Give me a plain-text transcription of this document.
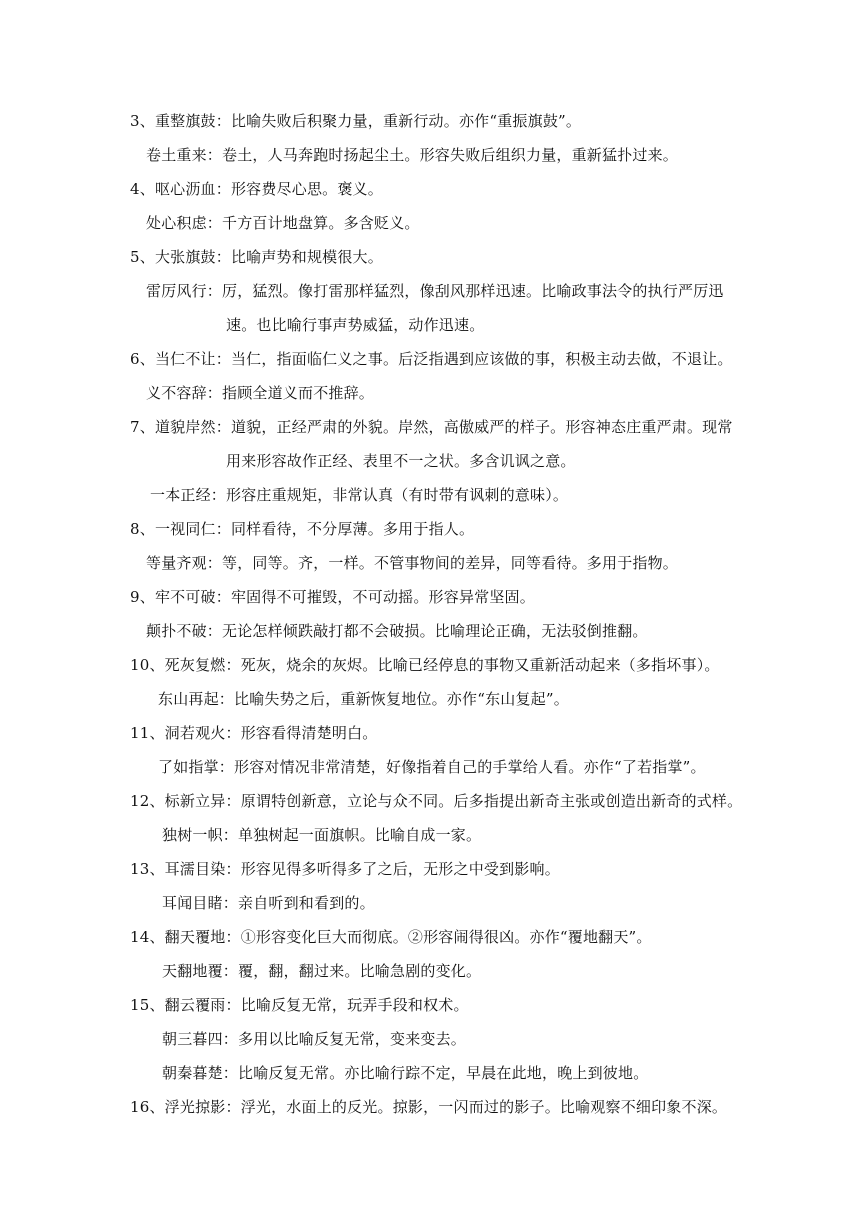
3、重整旗鼓：比喻失败后积聚力量，重新行动。亦作“重振旗鼓”。
卷土重来：卷土，人马奔跑时扬起尘土。形容失败后组织力量，重新猛扑过来。
4、呕心沥血：形容费尽心思。褒义。
处心积虑：千方百计地盘算。多含贬义。
5、大张旗鼓：比喻声势和规模很大。
雷厉风行：厉，猛烈。像打雷那样猛烈，像刮风那样迅速。比喻政事法令的执行严厉迅
速。也比喻行事声势威猛，动作迅速。
6、当仁不让：当仁，指面临仁义之事。后泛指遇到应该做的事，积极主动去做，不退让。
义不容辞：指顾全道义而不推辞。
7、道貌岸然：道貌，正经严肃的外貌。岸然，高傲威严的样子。形容神态庄重严肃。现常
用来形容故作正经、表里不一之状。多含讥讽之意。
一本正经：形容庄重规矩，非常认真（有时带有讽刺的意味）。
8、一视同仁：同样看待，不分厚薄。多用于指人。
等量齐观：等，同等。齐，一样。不管事物间的差异，同等看待。多用于指物。
9、牢不可破：牢固得不可摧毁，不可动摇。形容异常坚固。
颠扑不破：无论怎样倾跌敲打都不会破损。比喻理论正确，无法驳倒推翻。
10、死灰复燃：死灰，烧余的灰烬。比喻已经停息的事物又重新活动起来（多指坏事）。
东山再起：比喻失势之后，重新恢复地位。亦作“东山复起”。
11、洞若观火：形容看得清楚明白。
了如指掌：形容对情况非常清楚，好像指着自己的手掌给人看。亦作“了若指掌”。
12、标新立异：原谓特创新意，立论与众不同。后多指提出新奇主张或创造出新奇的式样。
独树一帜：单独树起一面旗帜。比喻自成一家。
13、耳濡目染：形容见得多听得多了之后，无形之中受到影响。
耳闻目睹：亲自听到和看到的。
14、翻天覆地：①形容变化巨大而彻底。②形容闹得很凶。亦作“覆地翻天”。
天翻地覆：覆，翻，翻过来。比喻急剧的变化。
15、翻云覆雨：比喻反复无常，玩弄手段和权术。
朝三暮四：多用以比喻反复无常，变来变去。
朝秦暮楚：比喻反复无常。亦比喻行踪不定，早晨在此地，晚上到彼地。
16、浮光掠影：浮光，水面上的反光。掠影，一闪而过的影子。比喻观察不细印象不深。
